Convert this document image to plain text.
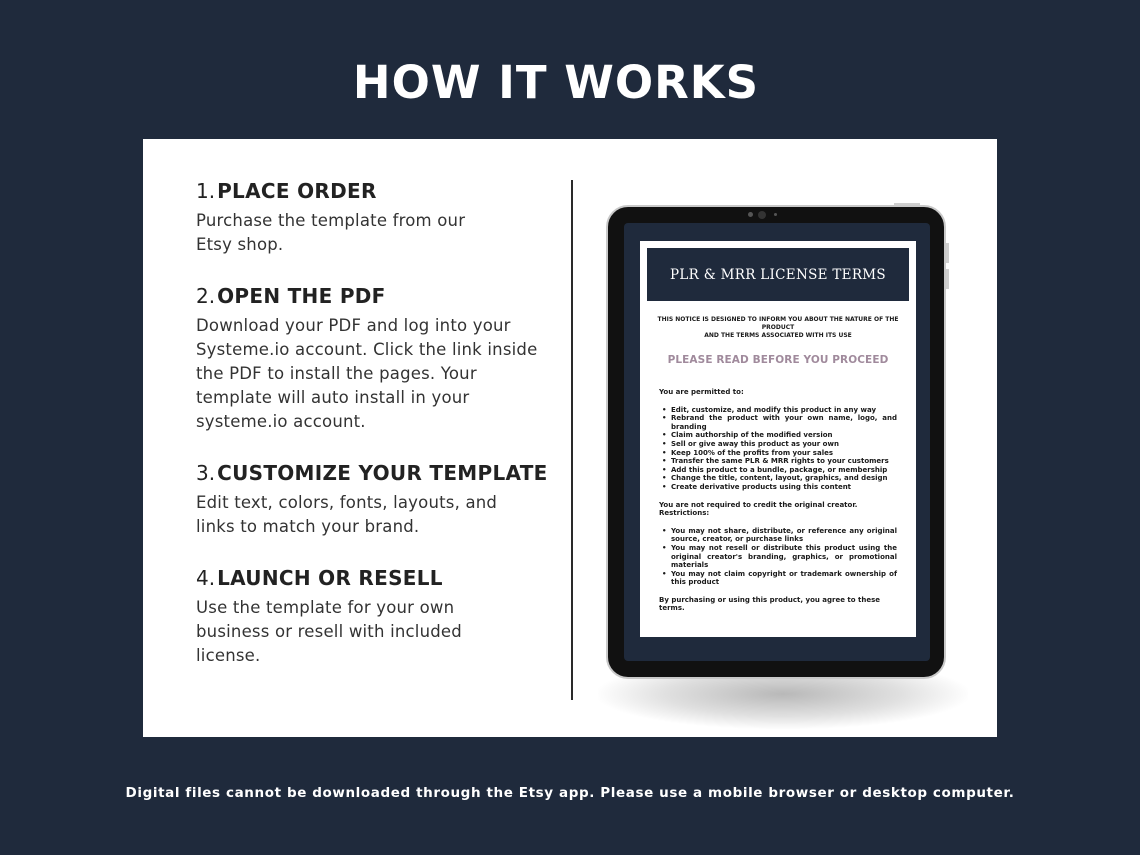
HOW IT WORKS
1. PLACE ORDER
Purchase the template from our Etsy shop.
2. OPEN THE PDF
Download your PDF and log into your Systeme.io account. Click the link inside the PDF to install the pages. Your template will auto install in your systeme.io account.
3. CUSTOMIZE YOUR TEMPLATE
Edit text, colors, fonts, layouts, and links to match your brand.
4. LAUNCH OR RESELL
Use the template for your own business or resell with included license.
PLR & MRR LICENSE TERMS
THIS NOTICE IS DESIGNED TO INFORM YOU ABOUT THE NATURE OF THE PRODUCT
AND THE TERMS ASSOCIATED WITH ITS USE
PLEASE READ BEFORE YOU PROCEED
You are permitted to:
• Edit, customize, and modify this product in any way
• Rebrand the product with your own name, logo, and branding
• Claim authorship of the modified version
• Sell or give away this product as your own
• Keep 100% of the profits from your sales
• Transfer the same PLR & MRR rights to your customers
• Add this product to a bundle, package, or membership
• Change the title, content, layout, graphics, and design
• Create derivative products using this content
You are not required to credit the original creator.
Restrictions:
• You may not share, distribute, or reference any original source, creator, or purchase links
• You may not resell or distribute this product using the original creator's branding, graphics, or promotional materials
• You may not claim copyright or trademark ownership of this product
By purchasing or using this product, you agree to these terms.
Digital files cannot be downloaded through the Etsy app. Please use a mobile browser or desktop computer.
